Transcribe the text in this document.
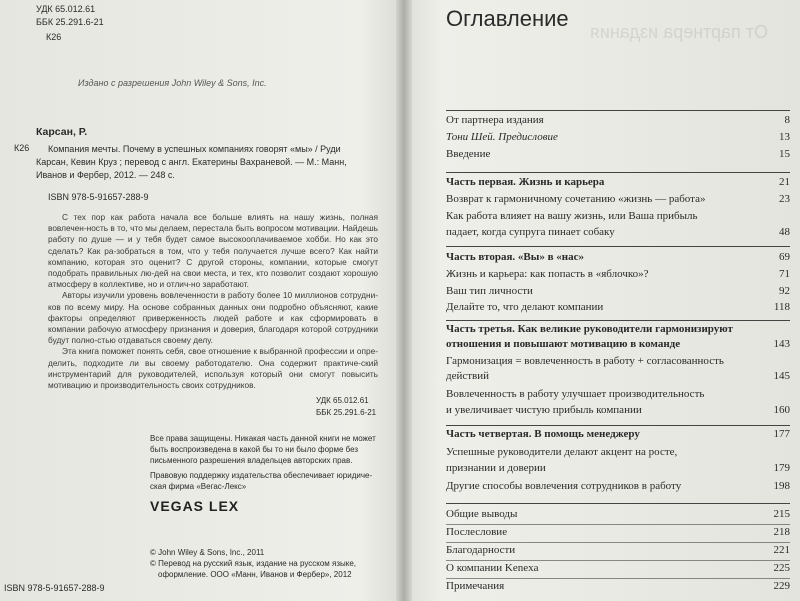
УДК 65.012.61
ББК 25.291.6-21
К26
Издано с разрешения John Wiley & Sons, Inc.
Карсан, Р.
К26 Компания мечты. Почему в успешных компаниях говорят «мы» / Руди
Карсан, Кевин Круз ; перевод с англ. Екатерины Вахраневой. — М.: Манн,
Иванов и Фербер, 2012. — 248 с.
ISBN 978-5-91657-288-9

С тех пор как работа начала все больше влиять на нашу жизнь, полная вовлечен-ность в то, что мы делаем, перестала быть вопросом мотивации. Найдешь работу по душе — и у тебя будет самое высокооплачиваемое хобби. Но как это сделать? Как ра-зобраться в том, что у тебя получается лучше всего? Как найти компанию, которая это оценит? С другой стороны, компании, которые смогут подобрать правильных лю-дей на свои места, и тех, кто позволит создают хорошую атмосферу в коллективе, но и отлич-но заработают.

Авторы изучили уровень вовлеченности в работу более 10 миллионов сотрудни-ков по всему миру. На основе собранных данных они подробно объясняют, какие факторы определяют приверженность людей работе и как сформировать в компании рабочую атмосферу признания и доверия, благодаря которой сотрудники будут полно-стью отдаваться своему делу.

Эта книга поможет понять себя, свое отношение к выбранной профессии и опре-делить, подходите ли вы своему работодателю. Она содержит практиче-ский инструментарий для руководителей, используя который они смогут повысить мотивацию и производительность своих сотрудников.

УДК 65.012.61
ББК 25.291.6-21
Все права защищены. Никакая часть данной книги не может
быть воспроизведена в какой бы то ни было форме без
письменного разрешения владельцев авторских прав.
Правовую поддержку издательства обеспечивает юридиче-
ская фирма «Вегас-Лекс»
VEGAS LEX
© John Wiley & Sons, Inc., 2011
© Перевод на русский язык, издание на русском языке,
оформление. ООО «Манн, Иванов и Фербер», 2012
ISBN 978-5-91657-288-9
От партнера издания
Оглавление
От партнера издания	8
Тони Шей. Предисловие	13
Введение	15
Часть первая. Жизнь и карьера	21
Возврат к гармоничному сочетанию «жизнь — работа»	23
Как работа влияет на вашу жизнь, или Ваша прибыль
падает, когда супруга пинает собаку	48
Часть вторая. «Вы» в «нас»	69
Жизнь и карьера: как попасть в «яблочко»?	71
Ваш тип личности	92
Делайте то, что делают компании	118
Часть третья. Как великие руководители гармонизируют
отношения и повышают мотивацию в команде	143
Гармонизация = вовлеченность в работу + согласованность
действий	145
Вовлеченность в работу улучшает производительность
и увеличивает чистую прибыль компании	160
Часть четвертая. В помощь менеджеру	177
Успешные руководители делают акцент на росте,
признании и доверии	179
Другие способы вовлечения сотрудников в работу	198
Общие выводы	215
Послесловие	218
Благодарности	221
О компании Kenexa	225
Примечания	229
